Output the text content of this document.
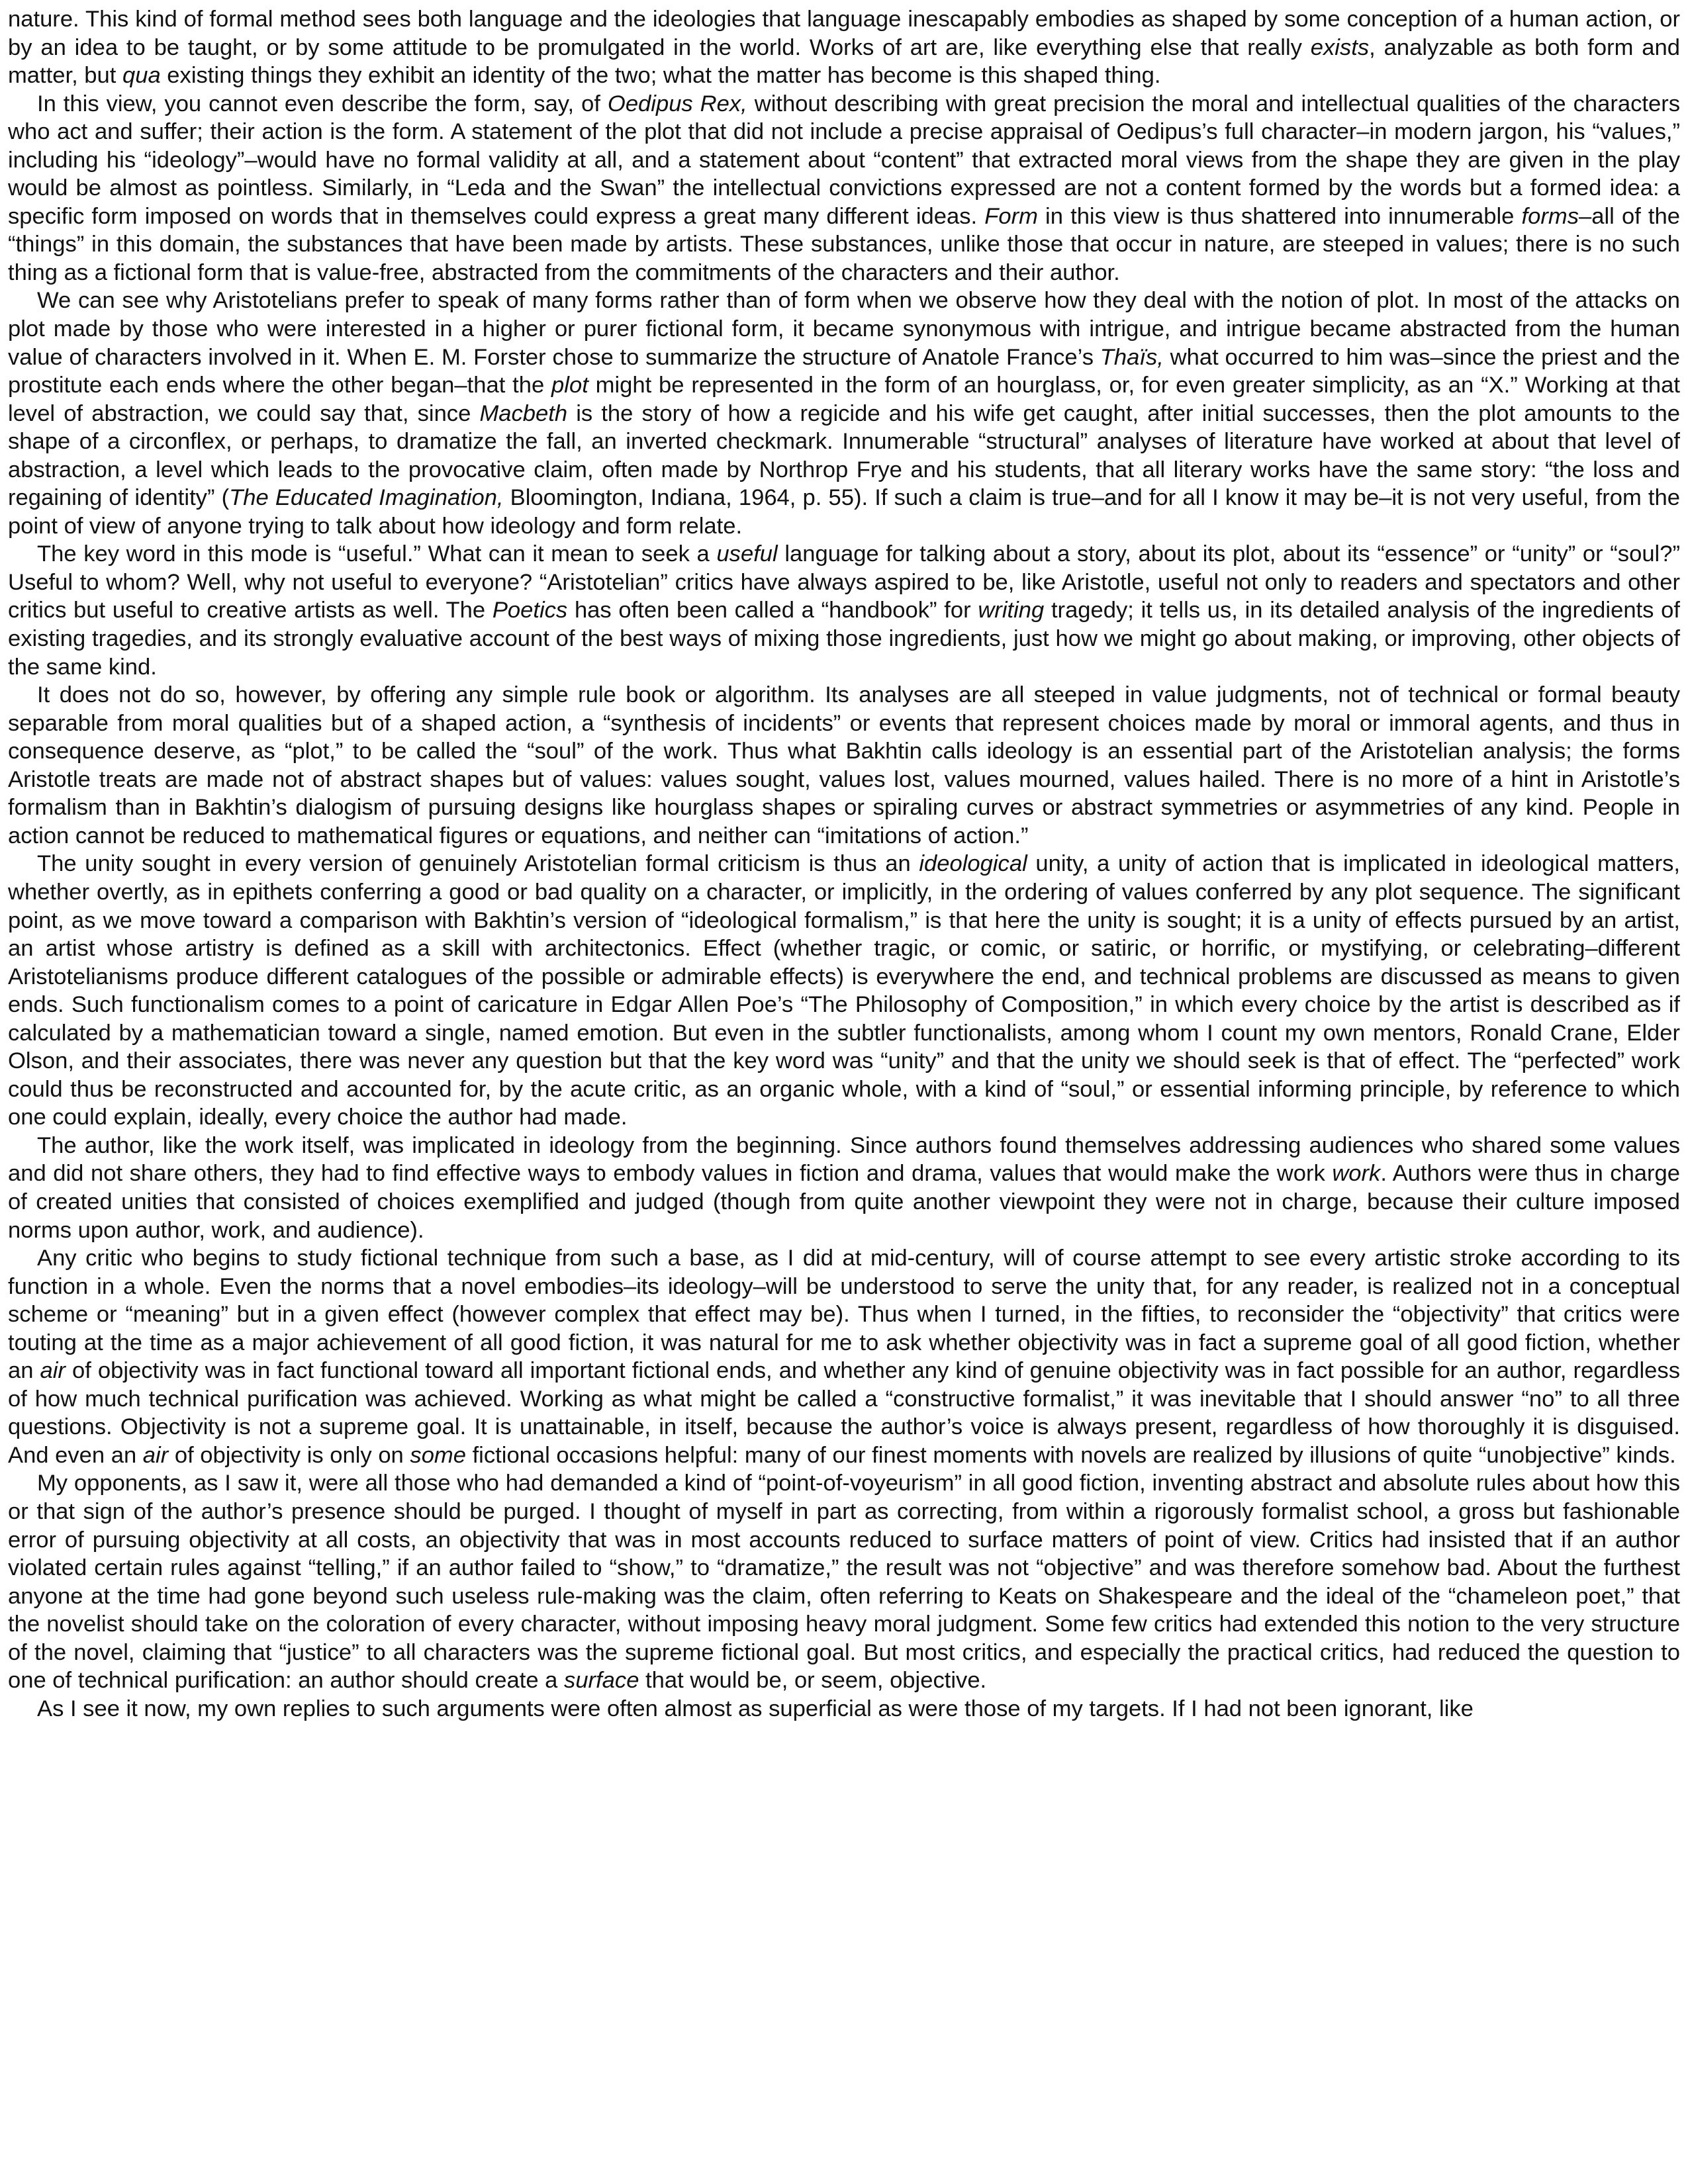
nature. This kind of formal method sees both language and the ideologies that language inescapably embodies as shaped by some conception of a human action, or by an idea to be taught, or by some attitude to be promulgated in the world. Works of art are, like everything else that really exists, analyzable as both form and matter, but qua existing things they exhibit an identity of the two; what the matter has become is this shaped thing.

In this view, you cannot even describe the form, say, of Oedipus Rex, without describing with great precision the moral and intellectual qualities of the characters who act and suffer; their action is the form. A statement of the plot that did not include a precise appraisal of Oedipus’s full character–in modern jargon, his “values,” including his “ideology”–would have no formal validity at all, and a statement about “content” that extracted moral views from the shape they are given in the play would be almost as pointless. Similarly, in “Leda and the Swan” the intellectual convictions expressed are not a content formed by the words but a formed idea: a specific form imposed on words that in themselves could express a great many different ideas. Form in this view is thus shattered into innumerable forms–all of the “things” in this domain, the substances that have been made by artists. These substances, unlike those that occur in nature, are steeped in values; there is no such thing as a fictional form that is value-free, abstracted from the commitments of the characters and their author.

We can see why Aristotelians prefer to speak of many forms rather than of form when we observe how they deal with the notion of plot. In most of the attacks on plot made by those who were interested in a higher or purer fictional form, it became synonymous with intrigue, and intrigue became abstracted from the human value of characters involved in it. When E. M. Forster chose to summarize the structure of Anatole France’s Thaïs, what occurred to him was–since the priest and the prostitute each ends where the other began–that the plot might be represented in the form of an hourglass, or, for even greater simplicity, as an “X.” Working at that level of abstraction, we could say that, since Macbeth is the story of how a regicide and his wife get caught, after initial successes, then the plot amounts to the shape of a circonflex, or perhaps, to dramatize the fall, an inverted checkmark. Innumerable “structural” analyses of literature have worked at about that level of abstraction, a level which leads to the provocative claim, often made by Northrop Frye and his students, that all literary works have the same story: “the loss and regaining of identity” (The Educated Imagination, Bloomington, Indiana, 1964, p. 55). If such a claim is true–and for all I know it may be–it is not very useful, from the point of view of anyone trying to talk about how ideology and form relate.

The key word in this mode is “useful.” What can it mean to seek a useful language for talking about a story, about its plot, about its “essence” or “unity” or “soul?” Useful to whom? Well, why not useful to everyone? “Aristotelian” critics have always aspired to be, like Aristotle, useful not only to readers and spectators and other critics but useful to creative artists as well. The Poetics has often been called a “handbook” for writing tragedy; it tells us, in its detailed analysis of the ingredients of existing tragedies, and its strongly evaluative account of the best ways of mixing those ingredients, just how we might go about making, or improving, other objects of the same kind.

It does not do so, however, by offering any simple rule book or algorithm. Its analyses are all steeped in value judgments, not of technical or formal beauty separable from moral qualities but of a shaped action, a “synthesis of incidents” or events that represent choices made by moral or immoral agents, and thus in consequence deserve, as “plot,” to be called the “soul” of the work. Thus what Bakhtin calls ideology is an essential part of the Aristotelian analysis; the forms Aristotle treats are made not of abstract shapes but of values: values sought, values lost, values mourned, values hailed. There is no more of a hint in Aristotle’s formalism than in Bakhtin’s dialogism of pursuing designs like hourglass shapes or spiraling curves or abstract symmetries or asymmetries of any kind. People in action cannot be reduced to mathematical figures or equations, and neither can “imitations of action.”

The unity sought in every version of genuinely Aristotelian formal criticism is thus an ideological unity, a unity of action that is implicated in ideological matters, whether overtly, as in epithets conferring a good or bad quality on a character, or implicitly, in the ordering of values conferred by any plot sequence. The significant point, as we move toward a comparison with Bakhtin’s version of “ideological formalism,” is that here the unity is sought; it is a unity of effects pursued by an artist, an artist whose artistry is defined as a skill with architectonics. Effect (whether tragic, or comic, or satiric, or horrific, or mystifying, or celebrating–different Aristotelianisms produce different catalogues of the possible or admirable effects) is everywhere the end, and technical problems are discussed as means to given ends. Such functionalism comes to a point of caricature in Edgar Allen Poe’s “The Philosophy of Composition,” in which every choice by the artist is described as if calculated by a mathematician toward a single, named emotion. But even in the subtler functionalists, among whom I count my own mentors, Ronald Crane, Elder Olson, and their associates, there was never any question but that the key word was “unity” and that the unity we should seek is that of effect. The “perfected” work could thus be reconstructed and accounted for, by the acute critic, as an organic whole, with a kind of “soul,” or essential informing principle, by reference to which one could explain, ideally, every choice the author had made.

The author, like the work itself, was implicated in ideology from the beginning. Since authors found themselves addressing audiences who shared some values and did not share others, they had to find effective ways to embody values in fiction and drama, values that would make the work work. Authors were thus in charge of created unities that consisted of choices exemplified and judged (though from quite another viewpoint they were not in charge, because their culture imposed norms upon author, work, and audience).

Any critic who begins to study fictional technique from such a base, as I did at mid-century, will of course attempt to see every artistic stroke according to its function in a whole. Even the norms that a novel embodies–its ideology–will be understood to serve the unity that, for any reader, is realized not in a conceptual scheme or “meaning” but in a given effect (however complex that effect may be). Thus when I turned, in the fifties, to reconsider the “objectivity” that critics were touting at the time as a major achievement of all good fiction, it was natural for me to ask whether objectivity was in fact a supreme goal of all good fiction, whether an air of objectivity was in fact functional toward all important fictional ends, and whether any kind of genuine objectivity was in fact possible for an author, regardless of how much technical purification was achieved. Working as what might be called a “constructive formalist,” it was inevitable that I should answer “no” to all three questions. Objectivity is not a supreme goal. It is unattainable, in itself, because the author’s voice is always present, regardless of how thoroughly it is disguised. And even an air of objectivity is only on some fictional occasions helpful: many of our finest moments with novels are realized by illusions of quite “unobjective” kinds.

My opponents, as I saw it, were all those who had demanded a kind of “point-of-voyeurism” in all good fiction, inventing abstract and absolute rules about how this or that sign of the author’s presence should be purged. I thought of myself in part as correcting, from within a rigorously formalist school, a gross but fashionable error of pursuing objectivity at all costs, an objectivity that was in most accounts reduced to surface matters of point of view. Critics had insisted that if an author violated certain rules against “telling,” if an author failed to “show,” to “dramatize,” the result was not “objective” and was therefore somehow bad. About the furthest anyone at the time had gone beyond such useless rule-making was the claim, often referring to Keats on Shakespeare and the ideal of the “chameleon poet,” that the novelist should take on the coloration of every character, without imposing heavy moral judgment. Some few critics had extended this notion to the very structure of the novel, claiming that “justice” to all characters was the supreme fictional goal. But most critics, and especially the practical critics, had reduced the question to one of technical purification: an author should create a surface that would be, or seem, objective.

As I see it now, my own replies to such arguments were often almost as superficial as were those of my targets. If I had not been ignorant, like
